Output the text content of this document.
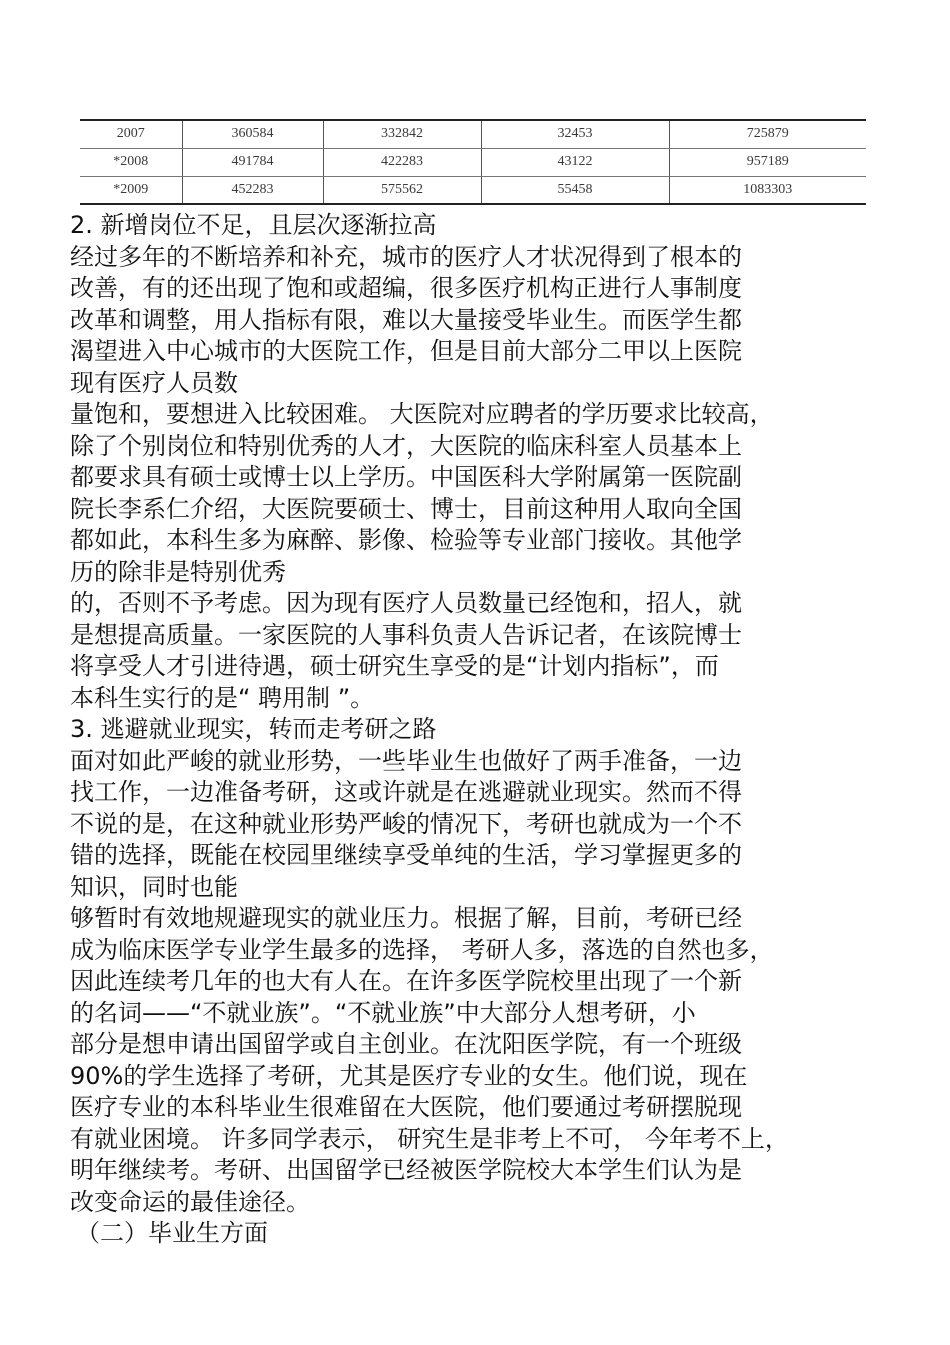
2007	360584	332842	32453	725879
*2008	491784	422283	43122	957189
*2009	452283	575562	55458	1083303
2. 新增岗位不足，且层次逐渐拉高
经过多年的不断培养和补充，城市的医疗人才状况得到了根本的
改善，有的还出现了饱和或超编，很多医疗机构正进行人事制度
改革和调整，用人指标有限，难以大量接受毕业生。而医学生都
渴望进入中心城市的大医院工作，但是目前大部分二甲以上医院
现有医疗人员数
量饱和，要想进入比较困难。 大医院对应聘者的学历要求比较高，
除了个别岗位和特别优秀的人才，大医院的临床科室人员基本上
都要求具有硕士或博士以上学历。中国医科大学附属第一医院副
院长李系仁介绍，大医院要硕士、博士，目前这种用人取向全国
都如此，本科生多为麻醉、影像、检验等专业部门接收。其他学
历的除非是特别优秀
的，否则不予考虑。因为现有医疗人员数量已经饱和，招人，就
是想提高质量。一家医院的人事科负责人告诉记者，在该院博士
将享受人才引进待遇，硕士研究生享受的是“计划内指标”，而
本科生实行的是“ 聘用制 ”。
3. 逃避就业现实，转而走考研之路
面对如此严峻的就业形势，一些毕业生也做好了两手准备，一边
找工作，一边准备考研，这或许就是在逃避就业现实。然而不得
不说的是，在这种就业形势严峻的情况下，考研也就成为一个不
错的选择，既能在校园里继续享受单纯的生活，学习掌握更多的
知识，同时也能
够暂时有效地规避现实的就业压力。根据了解，目前，考研已经
成为临床医学专业学生最多的选择， 考研人多，落选的自然也多，
因此连续考几年的也大有人在。在许多医学院校里出现了一个新
的名词——“不就业族”。“不就业族”中大部分人想考研，小
部分是想申请出国留学或自主创业。在沈阳医学院，有一个班级
90%的学生选择了考研，尤其是医疗专业的女生。他们说，现在
医疗专业的本科毕业生很难留在大医院，他们要通过考研摆脱现
有就业困境。 许多同学表示， 研究生是非考上不可， 今年考不上，
明年继续考。考研、出国留学已经被医学院校大本学生们认为是
改变命运的最佳途径。
（二）毕业生方面
